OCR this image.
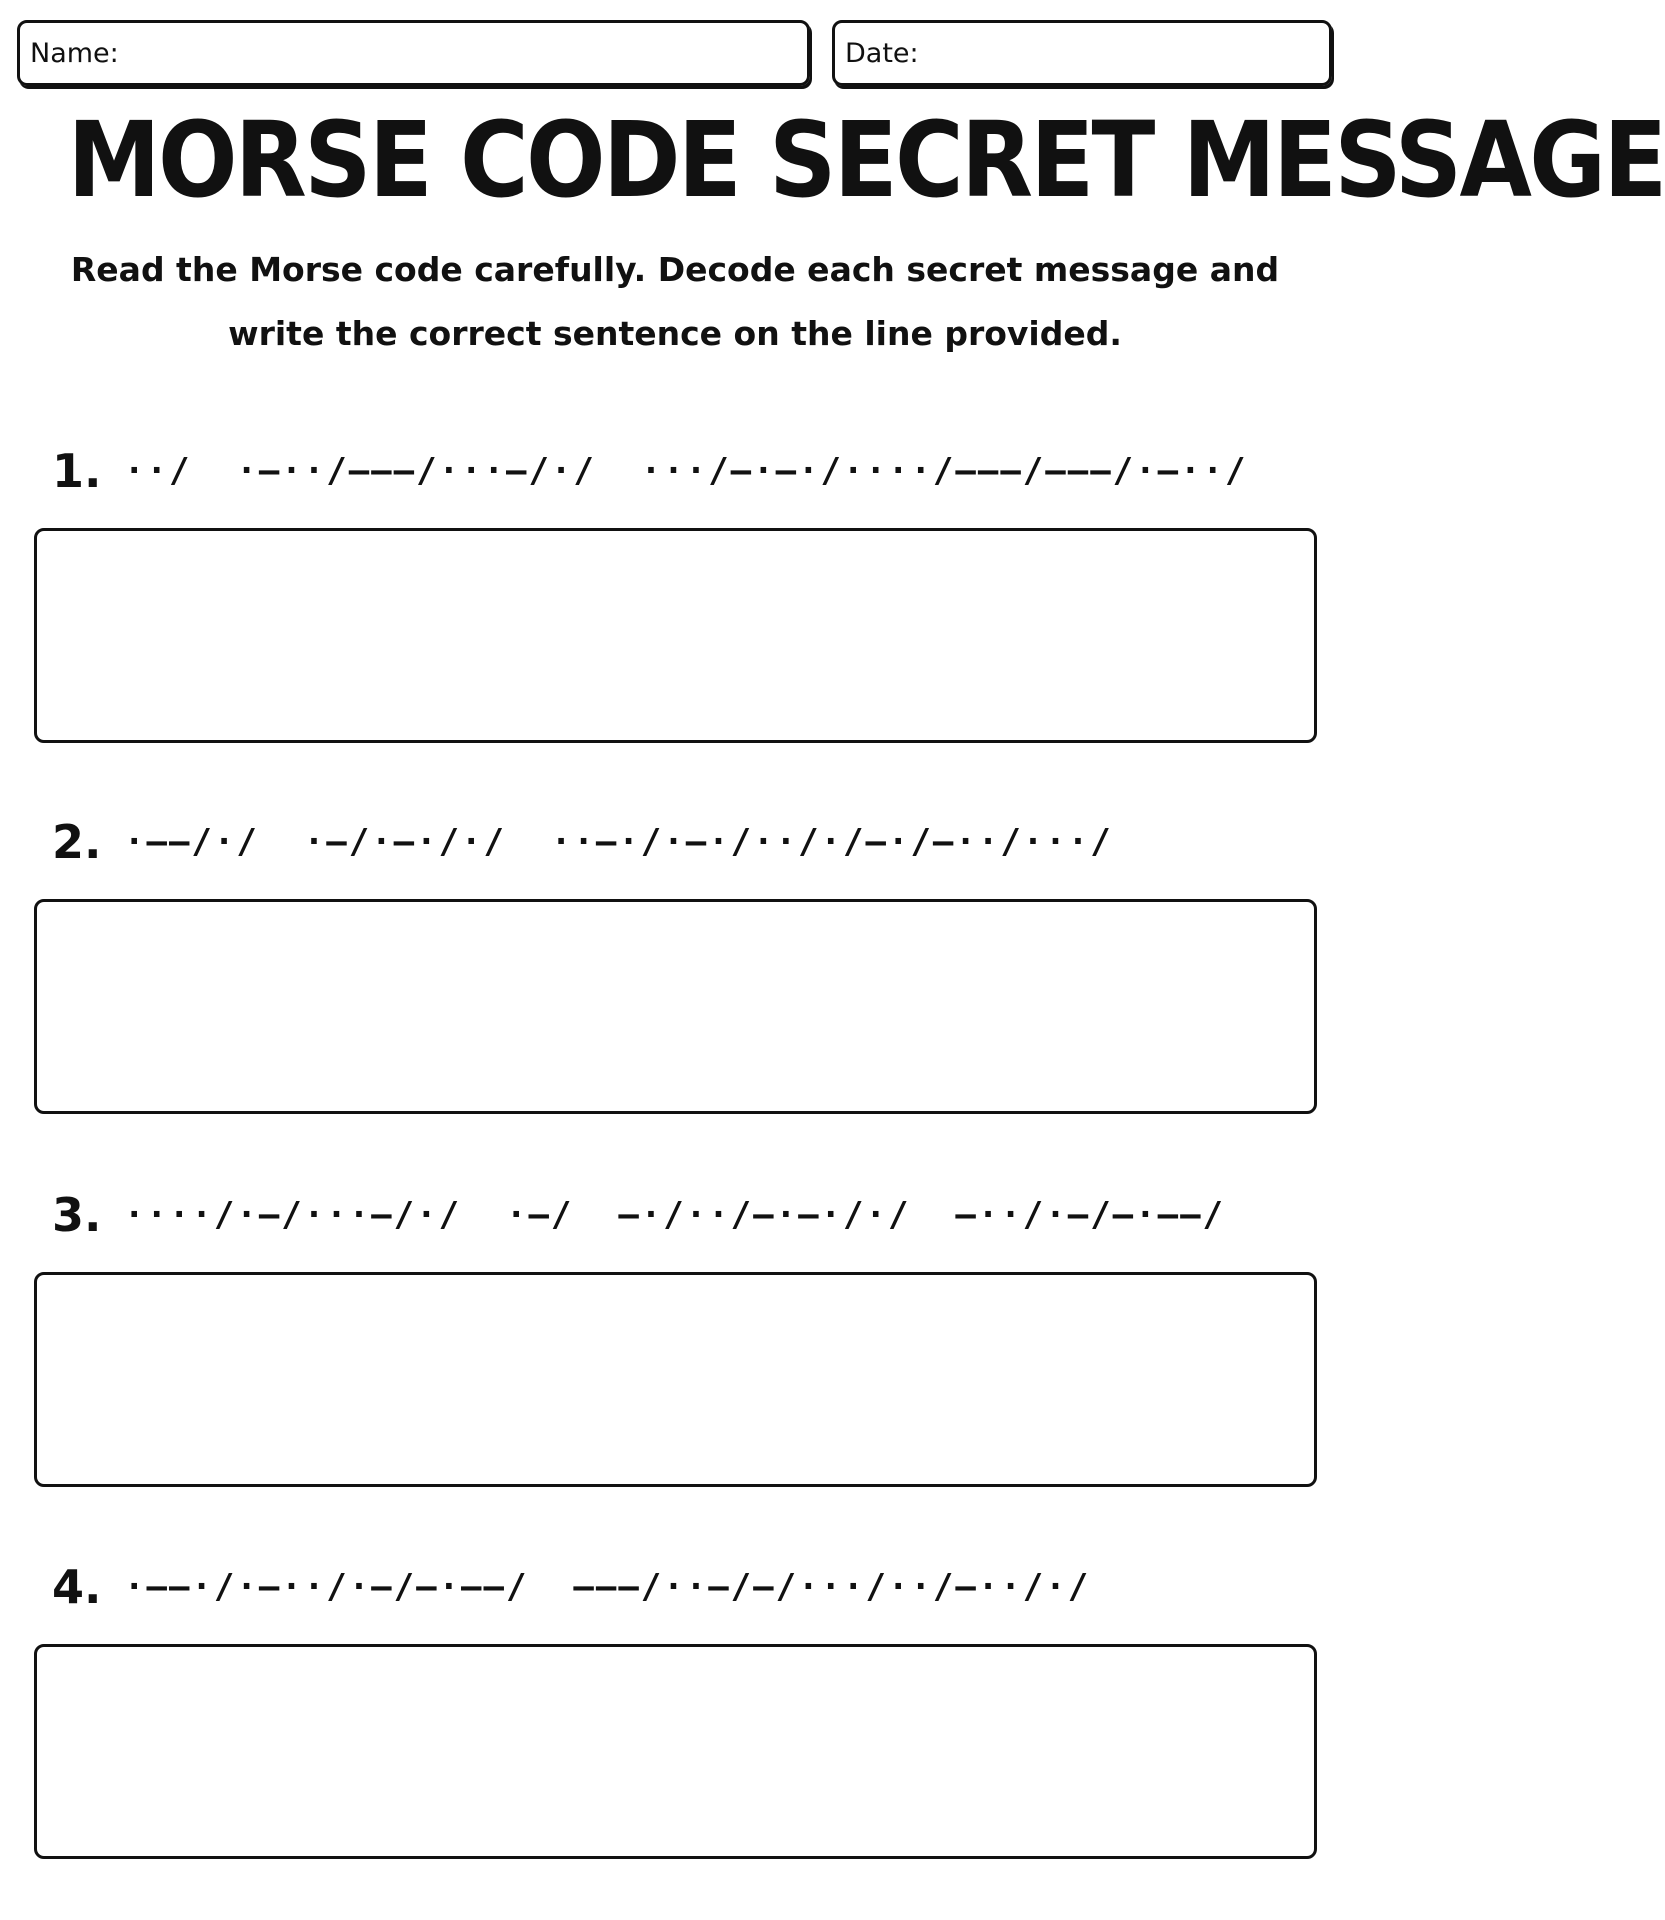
Name:	Date:
MORSE CODE SECRET MESSAGE
Read the Morse code carefully. Decode each secret message and
write the correct sentence on the line provided.
1. ··/  ·–··/–––/···–/·/  ···/–·–·/····/–––/–––/·–··/
2. ·––/·/  ·–/·–·/·/  ··–·/·–·/··/·/–·/–··/···/
3. ····/·–/···–/·/  ·–/  –·/··/–·–·/·/  –··/·–/–·––/
4. ·––·/·–··/·–/–·––/  –––/··–/–/···/··/–··/·/
